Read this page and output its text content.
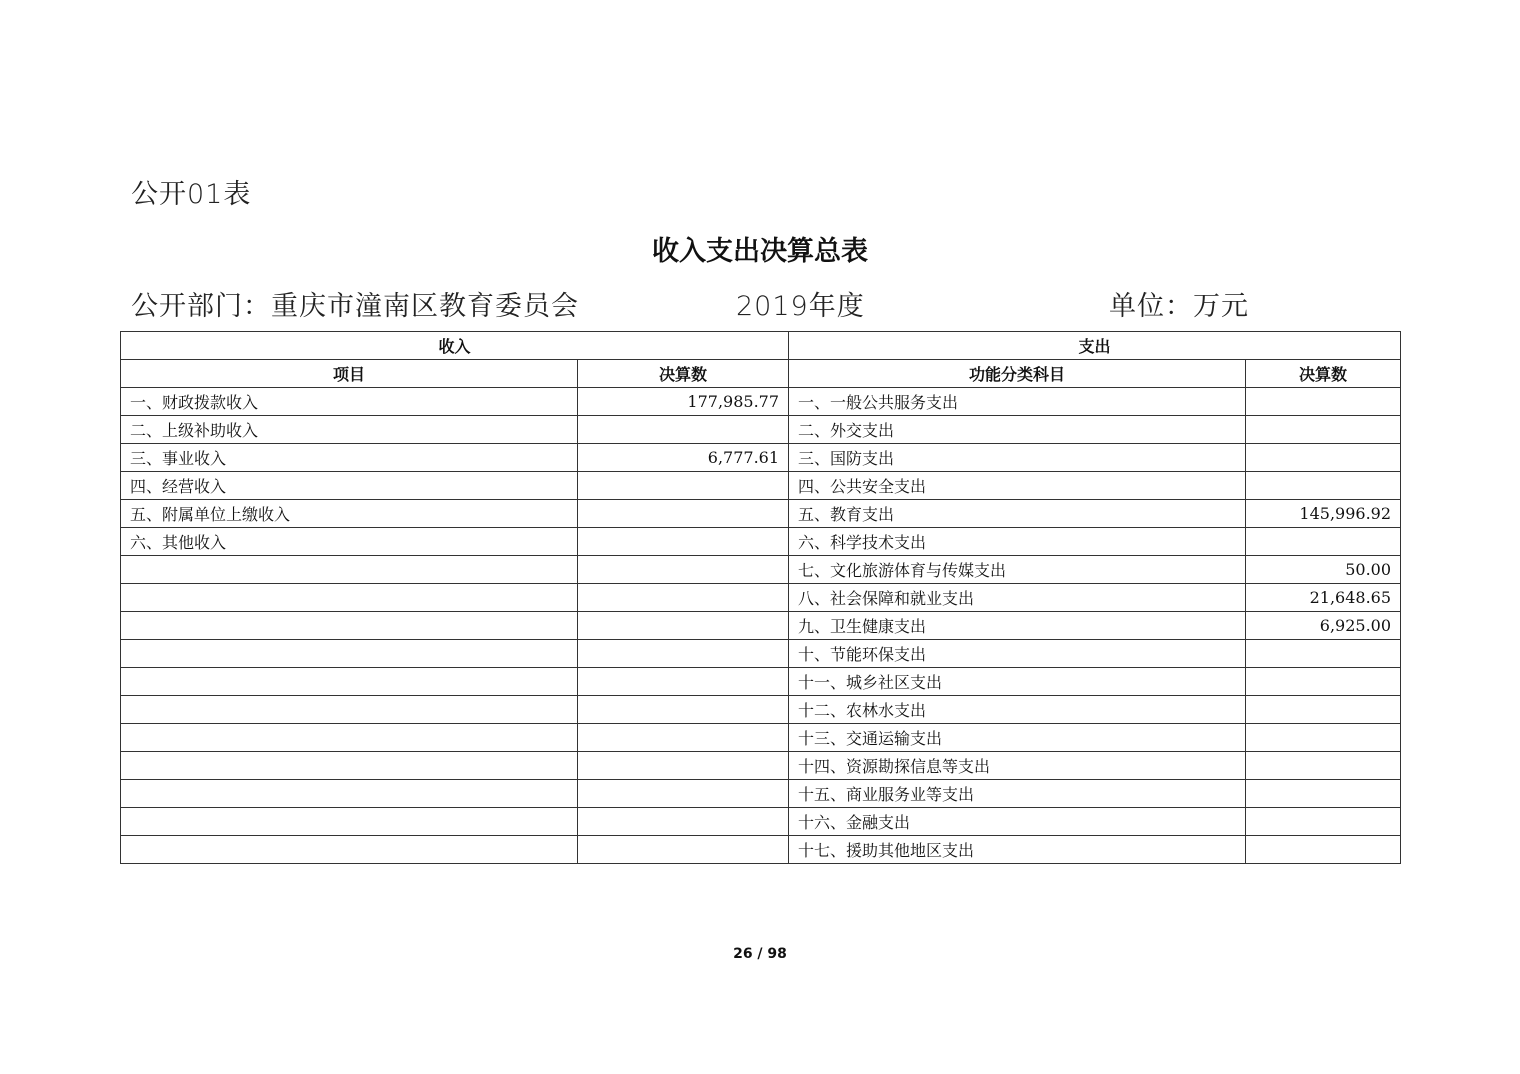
公开01表
收入支出决算总表
公开部门：重庆市潼南区教育委员会	2019年度	单位：万元
收入		支出	
项目	决算数	功能分类科目	决算数
一、财政拨款收入	177,985.77	一、一般公共服务支出	
二、上级补助收入		二、外交支出	
三、事业收入	6,777.61	三、国防支出	
四、经营收入		四、公共安全支出	
五、附属单位上缴收入		五、教育支出	145,996.92
六、其他收入		六、科学技术支出	
		七、文化旅游体育与传媒支出	50.00
		八、社会保障和就业支出	21,648.65
		九、卫生健康支出	6,925.00
		十、节能环保支出	
		十一、城乡社区支出	
		十二、农林水支出	
		十三、交通运输支出	
		十四、资源勘探信息等支出	
		十五、商业服务业等支出	
		十六、金融支出	
		十七、援助其他地区支出	
26 / 98
